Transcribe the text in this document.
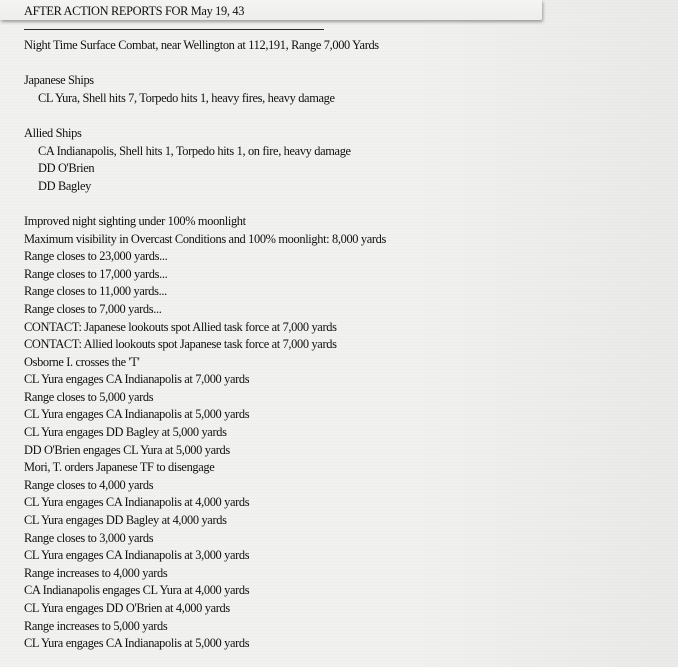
AFTER ACTION REPORTS FOR May 19, 43
Night Time Surface Combat, near Wellington at 112,191, Range 7,000 Yards
Japanese Ships
CL Yura, Shell hits 7, Torpedo hits 1, heavy fires, heavy damage
Allied Ships
CA Indianapolis, Shell hits 1, Torpedo hits 1, on fire, heavy damage
DD O'Brien
DD Bagley
Improved night sighting under 100% moonlight
Maximum visibility in Overcast Conditions and 100% moonlight: 8,000 yards
Range closes to 23,000 yards...
Range closes to 17,000 yards...
Range closes to 11,000 yards...
Range closes to 7,000 yards...
CONTACT: Japanese lookouts spot Allied task force at 7,000 yards
CONTACT: Allied lookouts spot Japanese task force at 7,000 yards
Osborne I. crosses the 'T'
CL Yura engages CA Indianapolis at 7,000 yards
Range closes to 5,000 yards
CL Yura engages CA Indianapolis at 5,000 yards
CL Yura engages DD Bagley at 5,000 yards
DD O'Brien engages CL Yura at 5,000 yards
Mori, T. orders Japanese TF to disengage
Range closes to 4,000 yards
CL Yura engages CA Indianapolis at 4,000 yards
CL Yura engages DD Bagley at 4,000 yards
Range closes to 3,000 yards
CL Yura engages CA Indianapolis at 3,000 yards
Range increases to 4,000 yards
CA Indianapolis engages CL Yura at 4,000 yards
CL Yura engages DD O'Brien at 4,000 yards
Range increases to 5,000 yards
CL Yura engages CA Indianapolis at 5,000 yards
